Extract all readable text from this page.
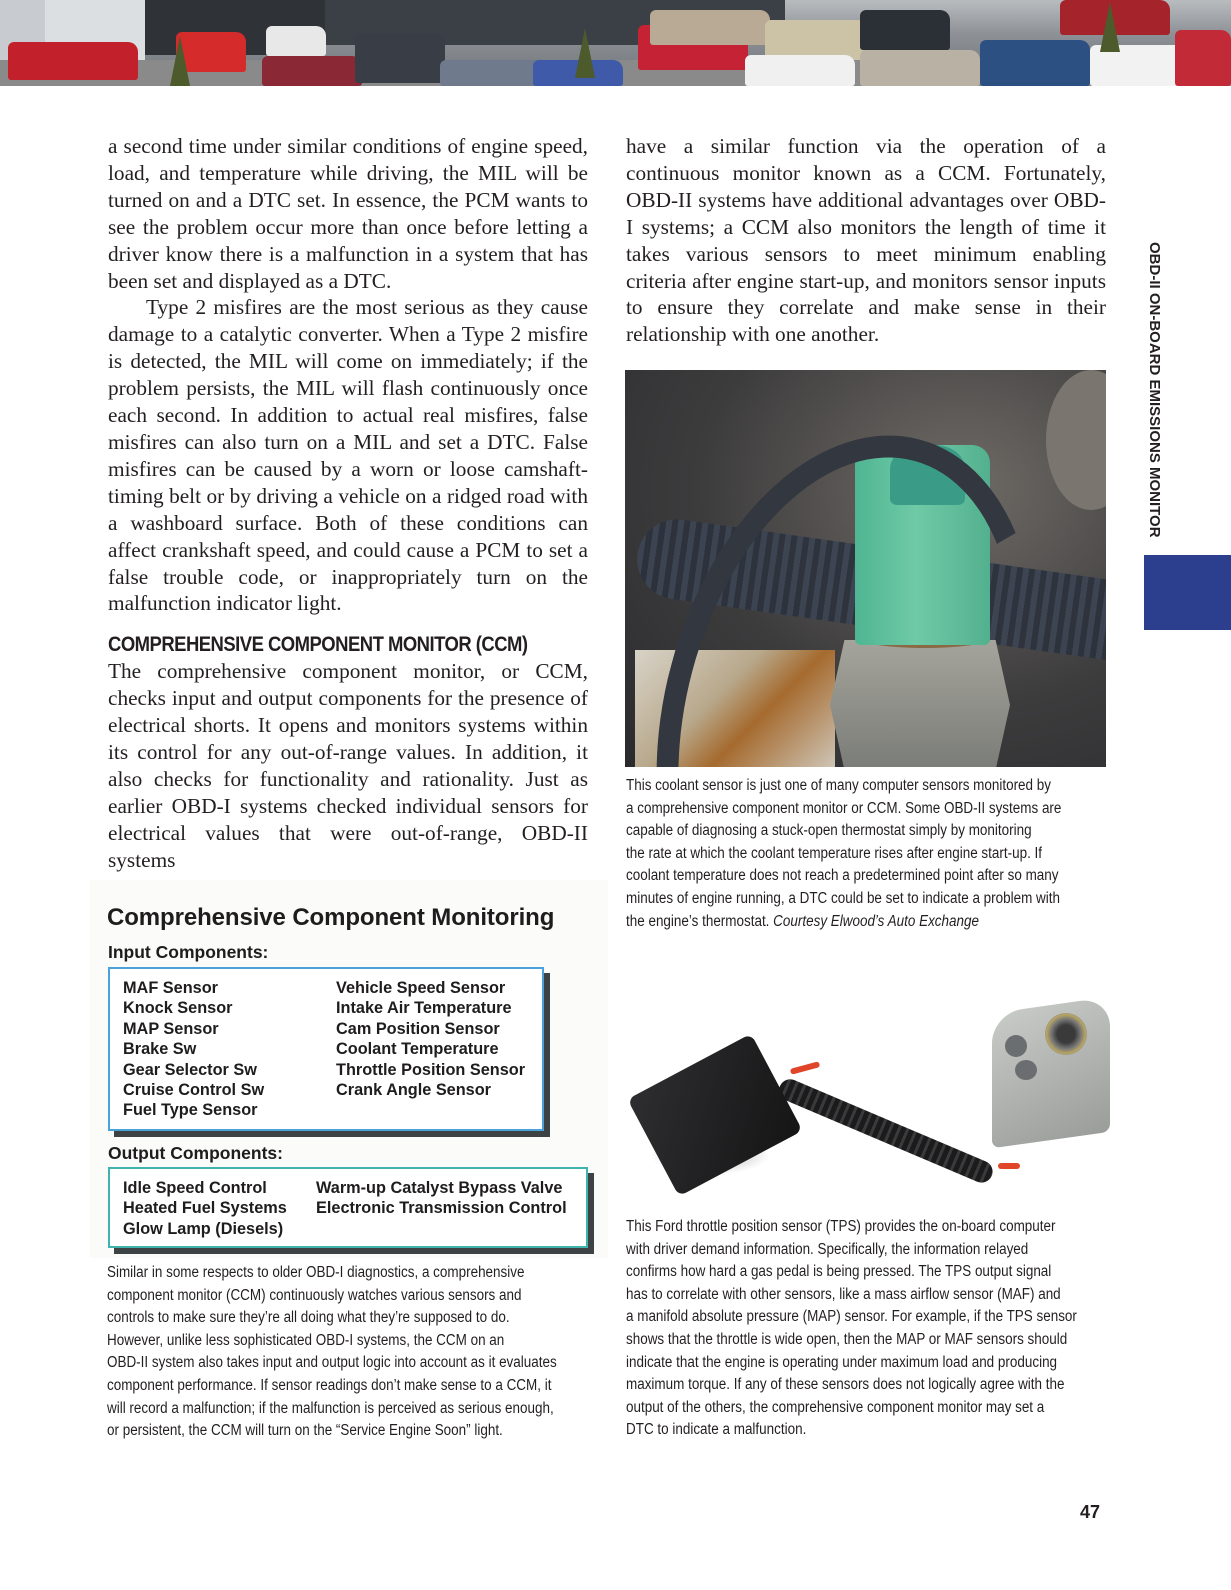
a second time under similar conditions of engine speed, load, and temperature while driving, the MIL will be turned on and a DTC set. In essence, the PCM wants to see the problem occur more than once before letting a driver know there is a malfunction in a system that has been set and displayed as a DTC.

Type 2 misfires are the most serious as they cause damage to a catalytic converter. When a Type 2 misfire is detected, the MIL will come on immediately; if the problem persists, the MIL will flash continuously once each second. In addition to actual real misfires, false misfires can also turn on a MIL and set a DTC. False misfires can be caused by a worn or loose camshaft-timing belt or by driving a vehicle on a ridged road with a washboard surface. Both of these conditions can affect crankshaft speed, and could cause a PCM to set a false trouble code, or inappropriately turn on the malfunction indicator light.

COMPREHENSIVE COMPONENT MONITOR (CCM)

The comprehensive component monitor, or CCM, checks input and output components for the presence of electrical shorts. It opens and monitors systems within its control for any out-of-range values. In addition, it also checks for functionality and rationality. Just as earlier OBD-I systems checked individual sensors for electrical values that were out-of-range, OBD-II systems

have a similar function via the operation of a continuous monitor known as a CCM. Fortunately, OBD-II systems have additional advantages over OBD-I systems; a CCM also monitors the length of time it takes various sensors to meet minimum enabling criteria after engine start-up, and monitors sensor inputs to ensure they correlate and make sense in their relationship with one another.	OBD-II ON-BOARD EMISSIONS MONITOR

This coolant sensor is just one of many computer sensors monitored by

a comprehensive component monitor or CCM. Some OBD-II systems are

capable of diagnosing a stuck-open thermostat simply by monitoring

the rate at which the coolant temperature rises after engine start-up. If

coolant temperature does not reach a predetermined point after so many

minutes of engine running, a DTC could be set to indicate a problem with

the engine’s thermostat. Courtesy Elwood’s Auto Exchange

This Ford throttle position sensor (TPS) provides the on-board computer

with driver demand information. Specifically, the information relayed

confirms how hard a gas pedal is being pressed. The TPS output signal

has to correlate with other sensors, like a mass airflow sensor (MAF) and

a manifold absolute pressure (MAP) sensor. For example, if the TPS sensor

shows that the throttle is wide open, then the MAP or MAF sensors should

indicate that the engine is operating under maximum load and producing

maximum torque. If any of these sensors does not logically agree with the

output of the others, the comprehensive component monitor may set a

DTC to indicate a malfunction.

Comprehensive Component Monitoring
Input Components:
MAF Sensor
Knock Sensor
MAP Sensor
Brake Sw
Gear Selector Sw
Cruise Control Sw
Fuel Type Sensor
Vehicle Speed Sensor
Intake Air Temperature
Cam Position Sensor
Coolant Temperature
Throttle Position Sensor
Crank Angle Sensor
Output Components:
Idle Speed Control
Heated Fuel Systems
Glow Lamp (Diesels)
Warm-up Catalyst Bypass Valve
Electronic Transmission Control

Similar in some respects to older OBD-I diagnostics, a comprehensive

component monitor (CCM) continuously watches various sensors and

controls to make sure they’re all doing what they’re supposed to do.

However, unlike less sophisticated OBD-I systems, the CCM on an

OBD-II system also takes input and output logic into account as it evaluates

component performance. If sensor readings don’t make sense to a CCM, it

will record a malfunction; if the malfunction is perceived as serious enough,

or persistent, the CCM will turn on the “Service Engine Soon” light.

47
